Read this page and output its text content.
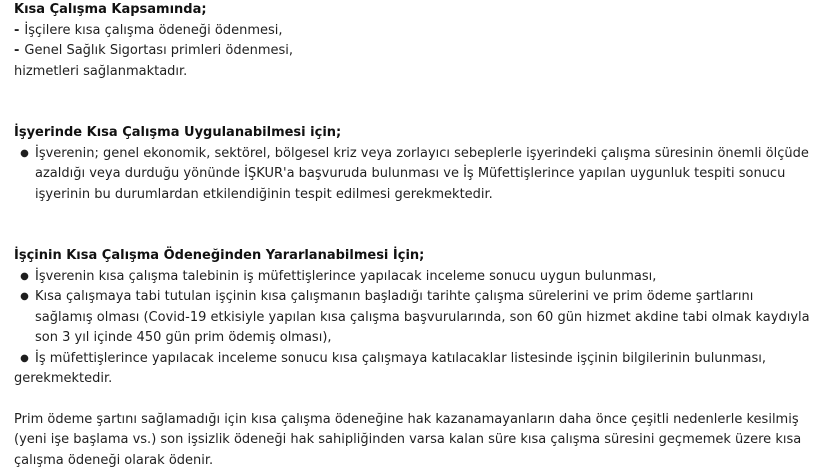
Kısa Çalışma Kapsamında;
- İşçilere kısa çalışma ödeneği ödenmesi,
- Genel Sağlık Sigortası primleri ödenmesi,
hizmetleri sağlanmaktadır.
İşyerinde Kısa Çalışma Uygulanabilmesi için;
● İşverenin; genel ekonomik, sektörel, bölgesel kriz veya zorlayıcı sebeplerle işyerindeki çalışma süresinin önemli ölçüde
azaldığı veya durduğu yönünde İŞKUR'a başvuruda bulunması ve İş Müfettişlerince yapılan uygunluk tespiti sonucu
işyerinin bu durumlardan etkilendiğinin tespit edilmesi gerekmektedir.
İşçinin Kısa Çalışma Ödeneğinden Yararlanabilmesi İçin;
● İşverenin kısa çalışma talebinin iş müfettişlerince yapılacak inceleme sonucu uygun bulunması,
● Kısa çalışmaya tabi tutulan işçinin kısa çalışmanın başladığı tarihte çalışma sürelerini ve prim ödeme şartlarını
sağlamış olması (Covid-19 etkisiyle yapılan kısa çalışma başvurularında, son 60 gün hizmet akdine tabi olmak kaydıyla
son 3 yıl içinde 450 gün prim ödemiş olması),
● İş müfettişlerince yapılacak inceleme sonucu kısa çalışmaya katılacaklar listesinde işçinin bilgilerinin bulunması,
gerekmektedir.
Prim ödeme şartını sağlamadığı için kısa çalışma ödeneğine hak kazanamayanların daha önce çeşitli nedenlerle kesilmiş
(yeni işe başlama vs.) son işsizlik ödeneği hak sahipliğinden varsa kalan süre kısa çalışma süresini geçmemek üzere kısa
çalışma ödeneği olarak ödenir.
